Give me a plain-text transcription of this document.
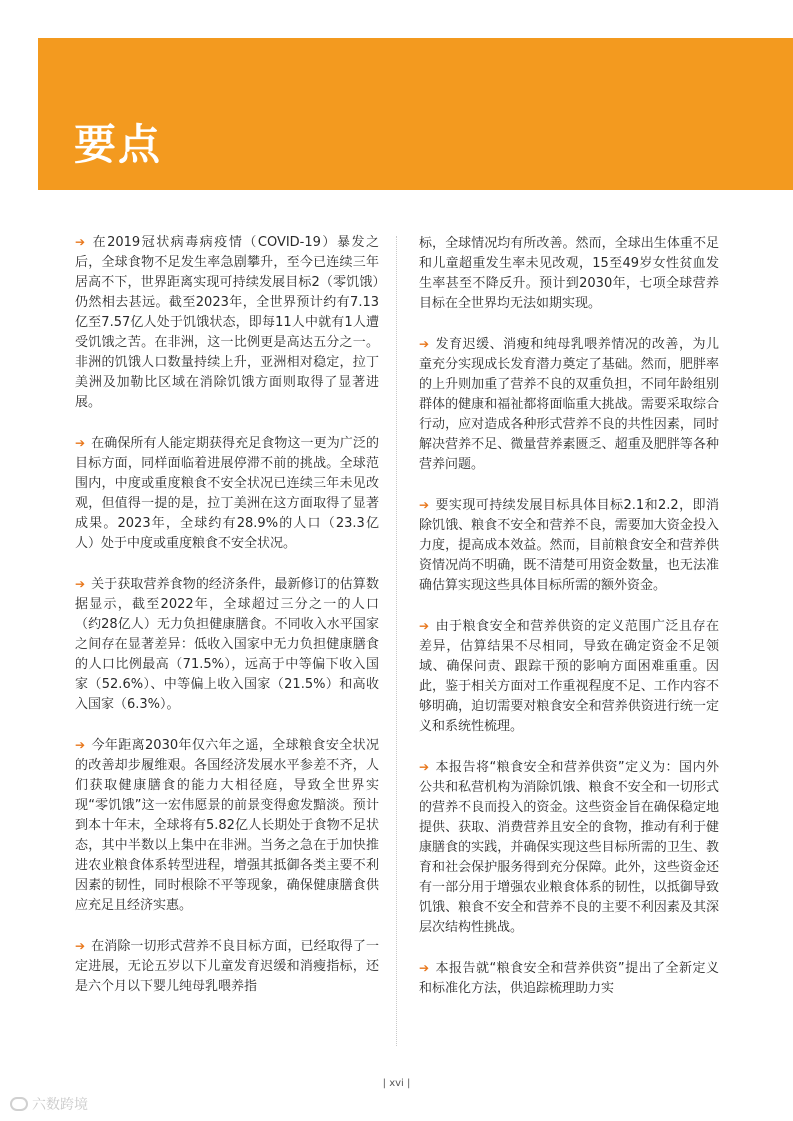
要点

➔ 在2019冠状病毒病疫情（COVID-19）暴发之后，全球食物不足发生率急剧攀升，至今已连续三年居高不下，世界距离实现可持续发展目标2（零饥饿）仍然相去甚远。截至2023年，全世界预计约有7.13亿至7.57亿人处于饥饿状态，即每11人中就有1人遭受饥饿之苦。在非洲，这一比例更是高达五分之一。非洲的饥饿人口数量持续上升，亚洲相对稳定，拉丁美洲及加勒比区域在消除饥饿方面则取得了显著进展。

➔ 在确保所有人能定期获得充足食物这一更为广泛的目标方面，同样面临着进展停滞不前的挑战。全球范围内，中度或重度粮食不安全状况已连续三年未见改观，但值得一提的是，拉丁美洲在这方面取得了显著成果。2023年，全球约有28.9%的人口（23.3亿人）处于中度或重度粮食不安全状况。

➔ 关于获取营养食物的经济条件，最新修订的估算数据显示，截至2022年，全球超过三分之一的人口（约28亿人）无力负担健康膳食。不同收入水平国家之间存在显著差异：低收入国家中无力负担健康膳食的人口比例最高（71.5%），远高于中等偏下收入国家（52.6%）、中等偏上收入国家（21.5%）和高收入国家（6.3%）。

➔ 今年距离2030年仅六年之遥，全球粮食安全状况的改善却步履维艰。各国经济发展水平参差不齐，人们获取健康膳食的能力大相径庭，导致全世界实现“零饥饿”这一宏伟愿景的前景变得愈发黯淡。预计到本十年末，全球将有5.82亿人长期处于食物不足状态，其中半数以上集中在非洲。当务之急在于加快推进农业粮食体系转型进程，增强其抵御各类主要不利因素的韧性，同时根除不平等现象，确保健康膳食供应充足且经济实惠。

➔ 在消除一切形式营养不良目标方面，已经取得了一定进展，无论五岁以下儿童发育迟缓和消瘦指标，还是六个月以下婴儿纯母乳喂养指

标，全球情况均有所改善。然而，全球出生体重不足和儿童超重发生率未见改观，15至49岁女性贫血发生率甚至不降反升。预计到2030年，七项全球营养目标在全世界均无法如期实现。

➔ 发育迟缓、消瘦和纯母乳喂养情况的改善，为儿童充分实现成长发育潜力奠定了基础。然而，肥胖率的上升则加重了营养不良的双重负担，不同年龄组别群体的健康和福祉都将面临重大挑战。需要采取综合行动，应对造成各种形式营养不良的共性因素，同时解决营养不足、微量营养素匮乏、超重及肥胖等各种营养问题。

➔ 要实现可持续发展目标具体目标2.1和2.2，即消除饥饿、粮食不安全和营养不良，需要加大资金投入力度，提高成本效益。然而，目前粮食安全和营养供资情况尚不明确，既不清楚可用资金数量，也无法准确估算实现这些具体目标所需的额外资金。

➔ 由于粮食安全和营养供资的定义范围广泛且存在差异，估算结果不尽相同，导致在确定资金不足领域、确保问责、跟踪干预的影响方面困难重重。因此，鉴于相关方面对工作重视程度不足、工作内容不够明确，迫切需要对粮食安全和营养供资进行统一定义和系统性梳理。

➔ 本报告将“粮食安全和营养供资”定义为：国内外公共和私营机构为消除饥饿、粮食不安全和一切形式的营养不良而投入的资金。这些资金旨在确保稳定地提供、获取、消费营养且安全的食物，推动有利于健康膳食的实践，并确保实现这些目标所需的卫生、教育和社会保护服务得到充分保障。此外，这些资金还有一部分用于增强农业粮食体系的韧性，以抵御导致饥饿、粮食不安全和营养不良的主要不利因素及其深层次结构性挑战。

➔ 本报告就“粮食安全和营养供资”提出了全新定义和标准化方法，供追踪梳理助力实

| xvi |
六数跨境
